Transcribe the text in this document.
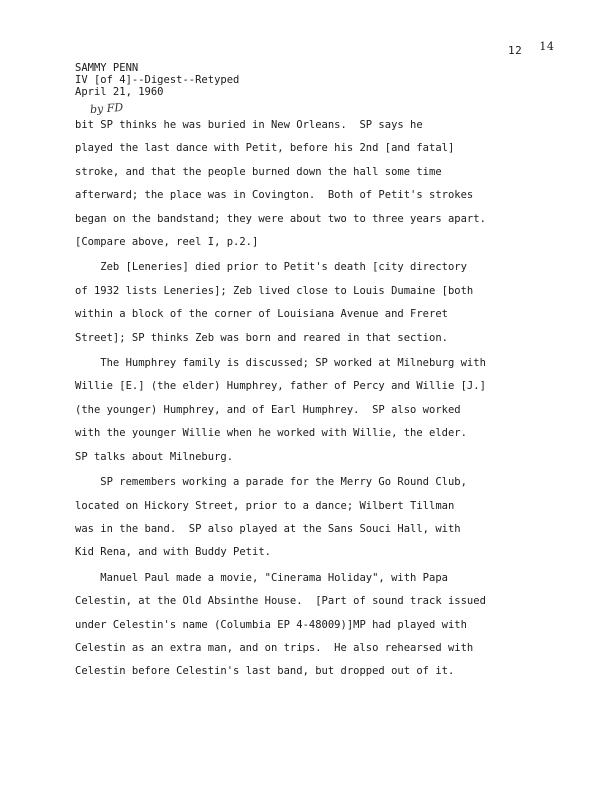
12 14
SAMMY PENN
IV [of 4]--Digest--Retyped
April 21, 1960
by FD
bit SP thinks he was buried in New Orleans.  SP says he
played the last dance with Petit, before his 2nd [and fatal]
stroke, and that the people burned down the hall some time
afterward; the place was in Covington.  Both of Petit's strokes
began on the bandstand; they were about two to three years apart.
[Compare above, reel I, p.2.]
Zeb [Leneries] died prior to Petit's death [city directory
of 1932 lists Leneries]; Zeb lived close to Louis Dumaine [both
within a block of the corner of Louisiana Avenue and Freret
Street]; SP thinks Zeb was born and reared in that section.
The Humphrey family is discussed; SP worked at Milneburg with
Willie [E.] (the elder) Humphrey, father of Percy and Willie [J.]
(the younger) Humphrey, and of Earl Humphrey.  SP also worked
with the younger Willie when he worked with Willie, the elder.
SP talks about Milneburg.
SP remembers working a parade for the Merry Go Round Club,
located on Hickory Street, prior to a dance; Wilbert Tillman
was in the band.  SP also played at the Sans Souci Hall, with
Kid Rena, and with Buddy Petit.
Manuel Paul made a movie, "Cinerama Holiday", with Papa
Celestin, at the Old Absinthe House.  [Part of sound track issued
under Celestin's name (Columbia EP 4-48009)]MP had played with
Celestin as an extra man, and on trips.  He also rehearsed with
Celestin before Celestin's last band, but dropped out of it.
